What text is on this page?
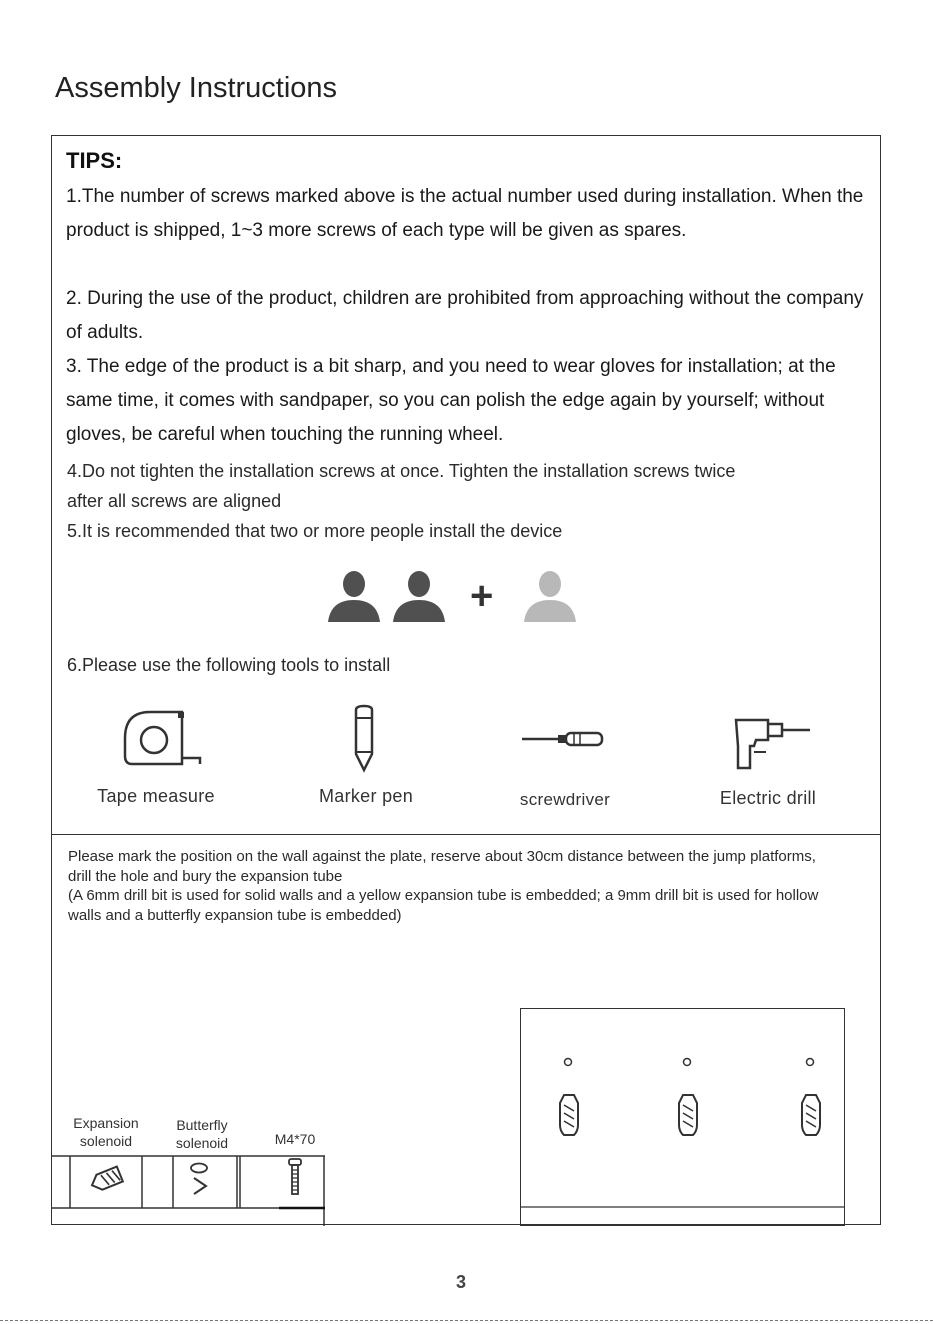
Assembly Instructions
TIPS:
1.The number of screws marked above is the actual number used during installation. When the product is shipped, 1~3 more screws of each type will be given as spares.
2. During the use of the product, children are prohibited from approaching without the company of adults.
3. The edge of the product is a bit sharp, and you need to wear gloves for installation; at the same time, it comes with sandpaper, so you can polish the edge again by yourself; without gloves, be careful when touching the running wheel.
4.Do not tighten the installation screws at once. Tighten the installation screws twice after all screws are aligned
5.It is recommended that two or more people install the device
+
6.Please use the following tools to install
Tape measure	Marker pen	screwdriver	Electric drill
Please mark the position on the wall against the plate, reserve about 30cm distance between the jump platforms, drill the hole and bury the expansion tube
(A 6mm drill bit is used for solid walls and a yellow expansion tube is embedded; a 9mm drill bit is used for hollow walls and a butterfly expansion tube is embedded)
Expansion
solenoid
Butterfly
solenoid	M4*70
3
